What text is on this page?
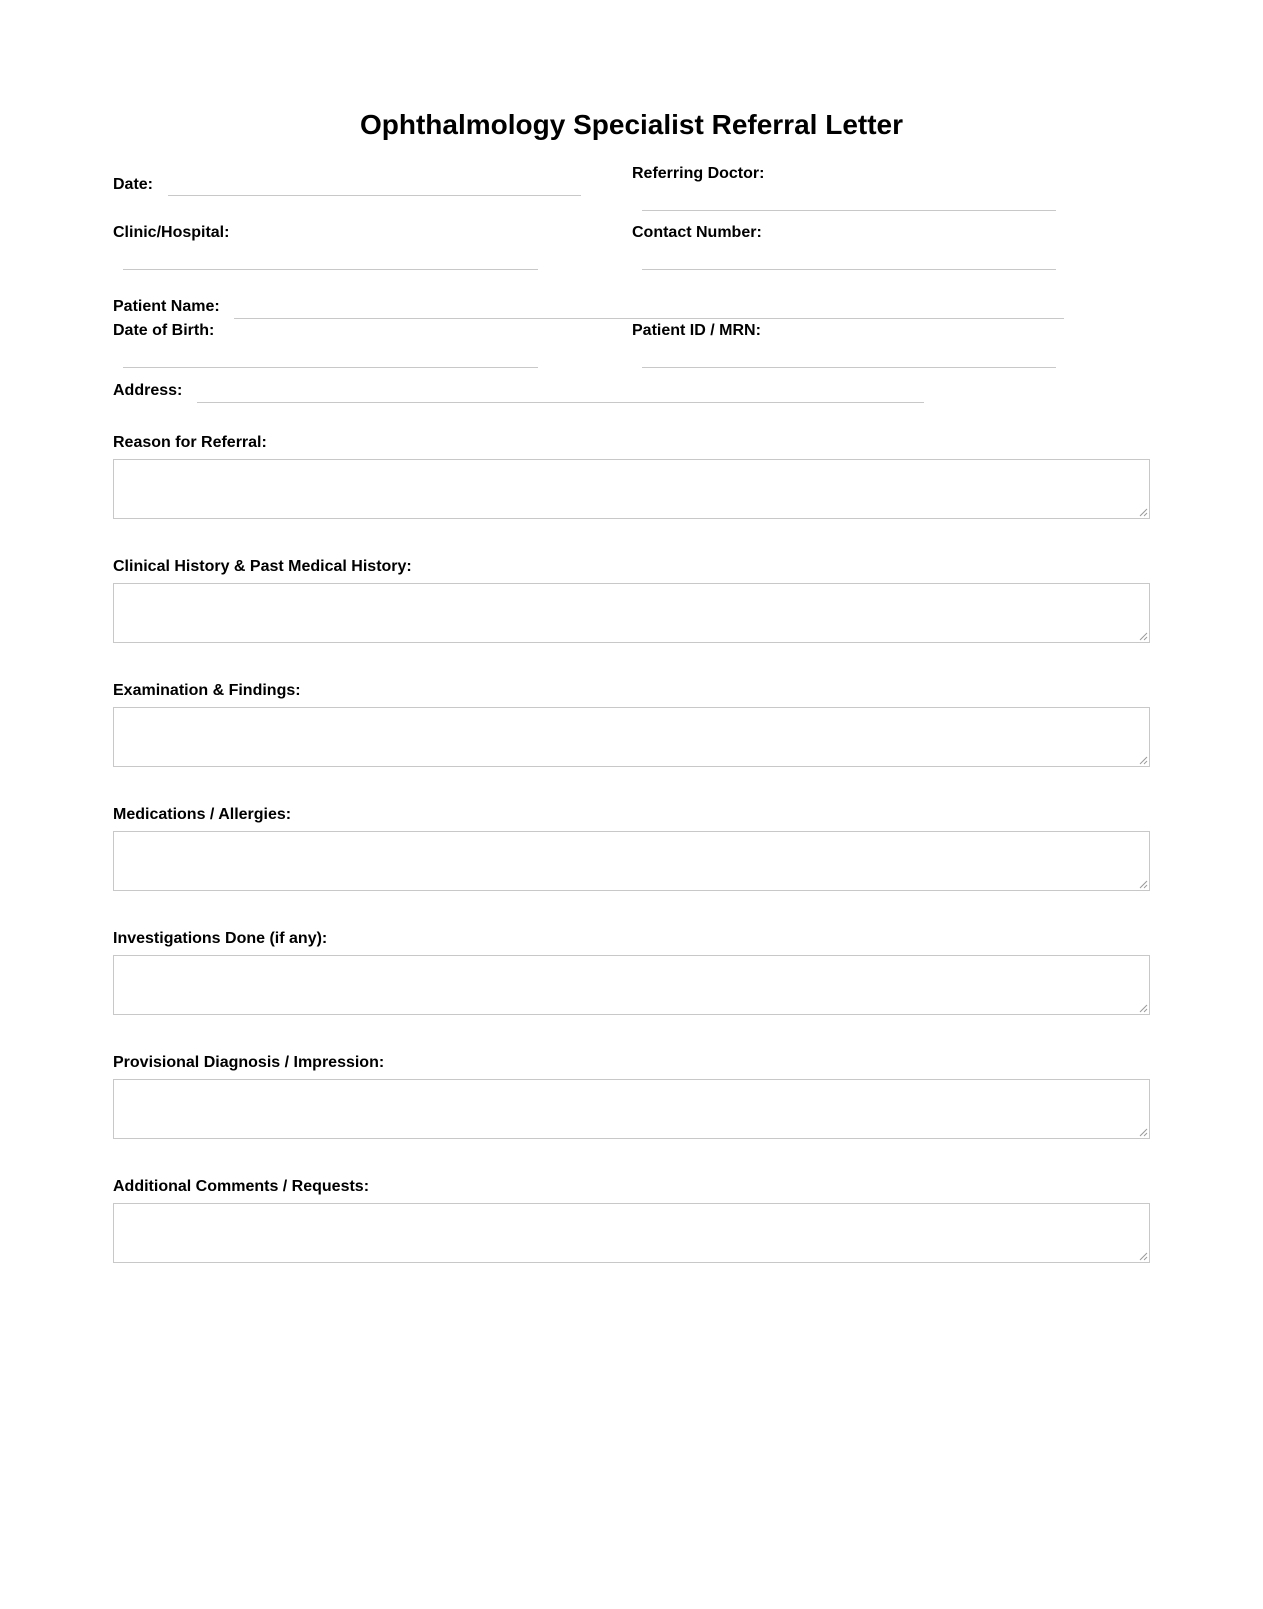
Ophthalmology Specialist Referral Letter
Date:
Referring Doctor:
Clinic/Hospital:	Contact Number:
Patient Name:
Date of Birth:	Patient ID / MRN:
Address:
Reason for Referral:
Clinical History & Past Medical History:
Examination & Findings:
Medications / Allergies:
Investigations Done (if any):
Provisional Diagnosis / Impression:
Additional Comments / Requests:
